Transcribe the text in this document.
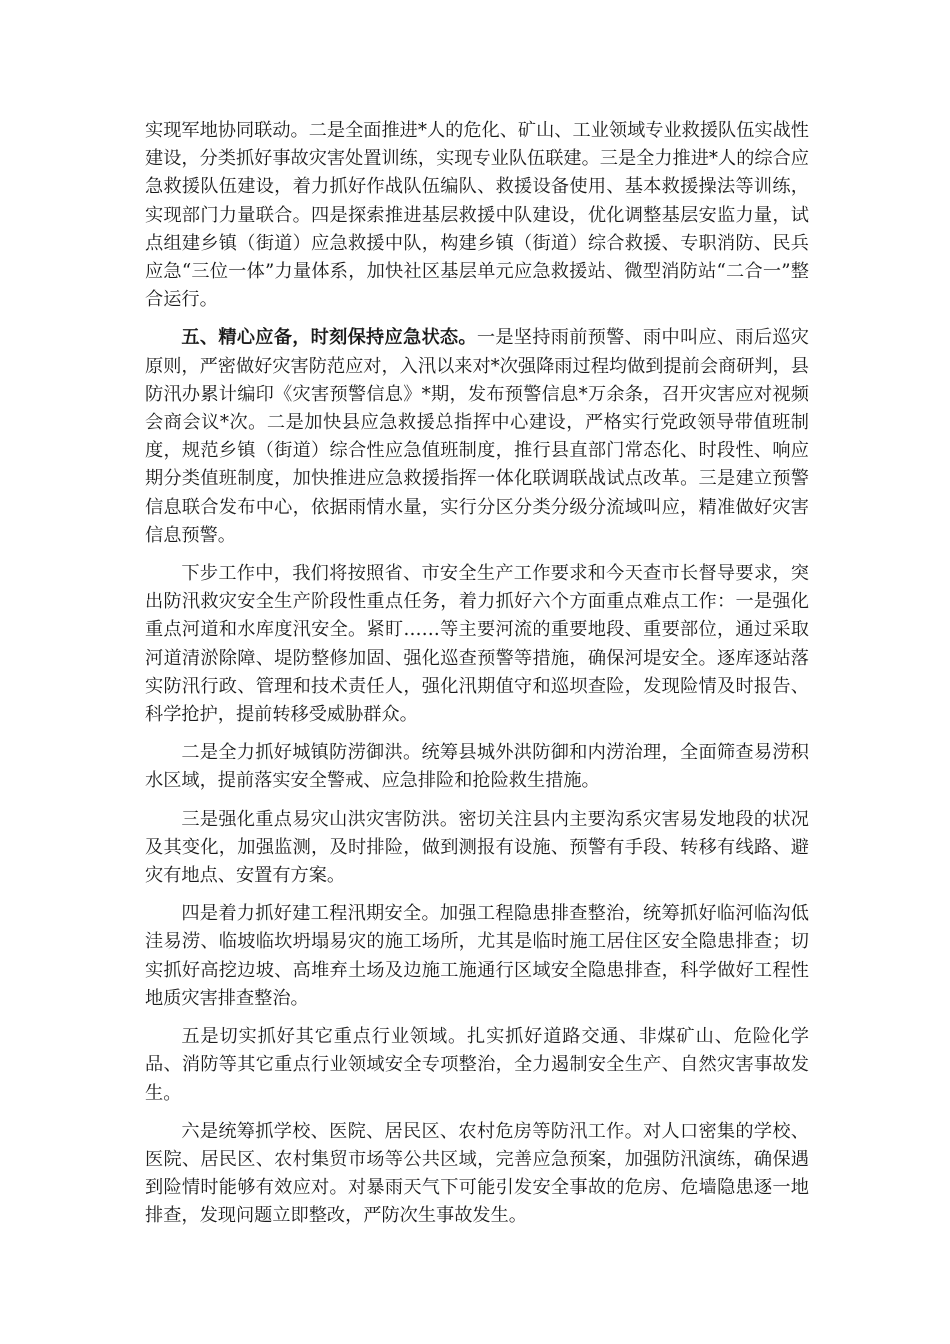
实现军地协同联动。二是全面推进*人的危化、矿山、工业领域专业救援队伍实战性建设，分类抓好事故灾害处置训练，实现专业队伍联建。三是全力推进*人的综合应急救援队伍建设，着力抓好作战队伍编队、救援设备使用、基本救援操法等训练，实现部门力量联合。四是探索推进基层救援中队建设，优化调整基层安监力量，试点组建乡镇（街道）应急救援中队，构建乡镇（街道）综合救援、专职消防、民兵应急“三位一体”力量体系，加快社区基层单元应急救援站、微型消防站“二合一”整合运行。

五、精心应备，时刻保持应急状态。一是坚持雨前预警、雨中叫应、雨后巡灾原则，严密做好灾害防范应对，入汛以来对*次强降雨过程均做到提前会商研判，县防汛办累计编印《灾害预警信息》*期，发布预警信息*万余条，召开灾害应对视频会商会议*次。二是加快县应急救援总指挥中心建设，严格实行党政领导带值班制度，规范乡镇（街道）综合性应急值班制度，推行县直部门常态化、时段性、响应期分类值班制度，加快推进应急救援指挥一体化联调联战试点改革。三是建立预警信息联合发布中心，依据雨情水量，实行分区分类分级分流域叫应，精准做好灾害信息预警。

下步工作中，我们将按照省、市安全生产工作要求和今天查市长督导要求，突出防汛救灾安全生产阶段性重点任务，着力抓好六个方面重点难点工作：一是强化重点河道和水库度汛安全。紧盯……等主要河流的重要地段、重要部位，通过采取河道清淤除障、堤防整修加固、强化巡查预警等措施，确保河堤安全。逐库逐站落实防汛行政、管理和技术责任人，强化汛期值守和巡坝查险，发现险情及时报告、科学抢护，提前转移受威胁群众。

二是全力抓好城镇防涝御洪。统筹县城外洪防御和内涝治理，全面筛查易涝积水区域，提前落实安全警戒、应急排险和抢险救生措施。

三是强化重点易灾山洪灾害防洪。密切关注县内主要沟系灾害易发地段的状况及其变化，加强监测，及时排险，做到测报有设施、预警有手段、转移有线路、避灾有地点、安置有方案。

四是着力抓好建工程汛期安全。加强工程隐患排查整治，统筹抓好临河临沟低洼易涝、临坡临坎坍塌易灾的施工场所，尤其是临时施工居住区安全隐患排查；切实抓好高挖边坡、高堆弃土场及边施工施通行区域安全隐患排查，科学做好工程性地质灾害排查整治。

五是切实抓好其它重点行业领域。扎实抓好道路交通、非煤矿山、危险化学品、消防等其它重点行业领域安全专项整治，全力遏制安全生产、自然灾害事故发生。

六是统筹抓学校、医院、居民区、农村危房等防汛工作。对人口密集的学校、医院、居民区、农村集贸市场等公共区域，完善应急预案，加强防汛演练，确保遇到险情时能够有效应对。对暴雨天气下可能引发安全事故的危房、危墙隐患逐一地排查，发现问题立即整改，严防次生事故发生。
